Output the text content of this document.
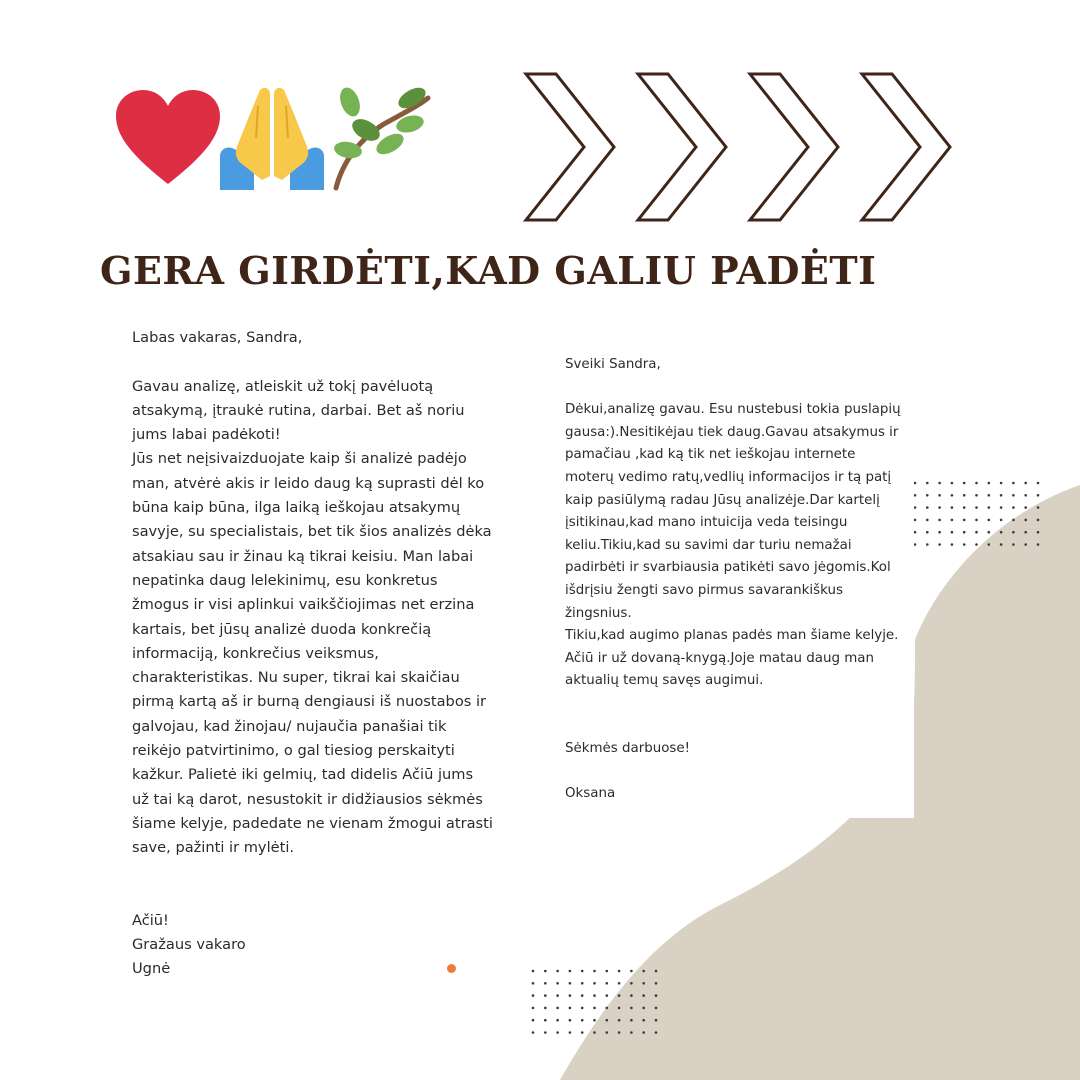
GERA GIRDĖTI,KAD GALIU PADĖTI

Labas vakaras, Sandra,

Gavau analizę, atleiskit už tokį pavėluotą atsakymą, įtraukė rutina, darbai. Bet aš noriu jums labai padėkoti!

Jūs net neįsivaizduojate kaip ši analizė padėjo man, atvėrė akis ir leido daug ką suprasti dėl ko būna kaip būna, ilga laiką ieškojau atsakymų savyje, su specialistais, bet tik šios analizės dėka atsakiau sau ir žinau ką tikrai keisiu. Man labai nepatinka daug lelekinimų, esu konkretus žmogus ir visi aplinkui vaikščiojimas net erzina kartais, bet jūsų analizė duoda konkrečią informaciją, konkrečius veiksmus, charakteristikas. Nu super, tikrai kai skaičiau pirmą kartą aš ir burną dengiausi iš nuostabos ir galvojau, kad žinojau/ nujaučia panašiai tik reikėjo patvirtinimo, o gal tiesiog perskaityti kažkur. Palietė iki gelmių, tad didelis Ačiū jums už tai ką darot, nesustokit ir didžiausios sėkmės šiame kelyje, padedate ne vienam žmogui atrasti save, pažinti ir mylėti.

Ačiū!

Gražaus vakaro

Ugnė

Sveiki Sandra,

Dėkui,analizę gavau. Esu nustebusi tokia puslapių gausa:).Nesitikėjau tiek daug.Gavau atsakymus ir pamačiau ,kad ką tik net ieškojau internete moterų vedimo ratų,vedlių informacijos ir tą patį kaip pasiūlymą radau Jūsų analizėje.Dar kartelį įsitikinau,kad mano intuicija veda teisingu keliu.Tikiu,kad su savimi dar turiu nemažai padirbėti ir svarbiausia patikėti savo jėgomis.Kol išdrįsiu žengti savo pirmus savarankiškus žingsnius.

Tikiu,kad augimo planas padės man šiame kelyje.

Ačiū ir už dovaną-knygą.Joje matau daug man aktualių temų savęs augimui.

Sėkmės darbuose!

Oksana
